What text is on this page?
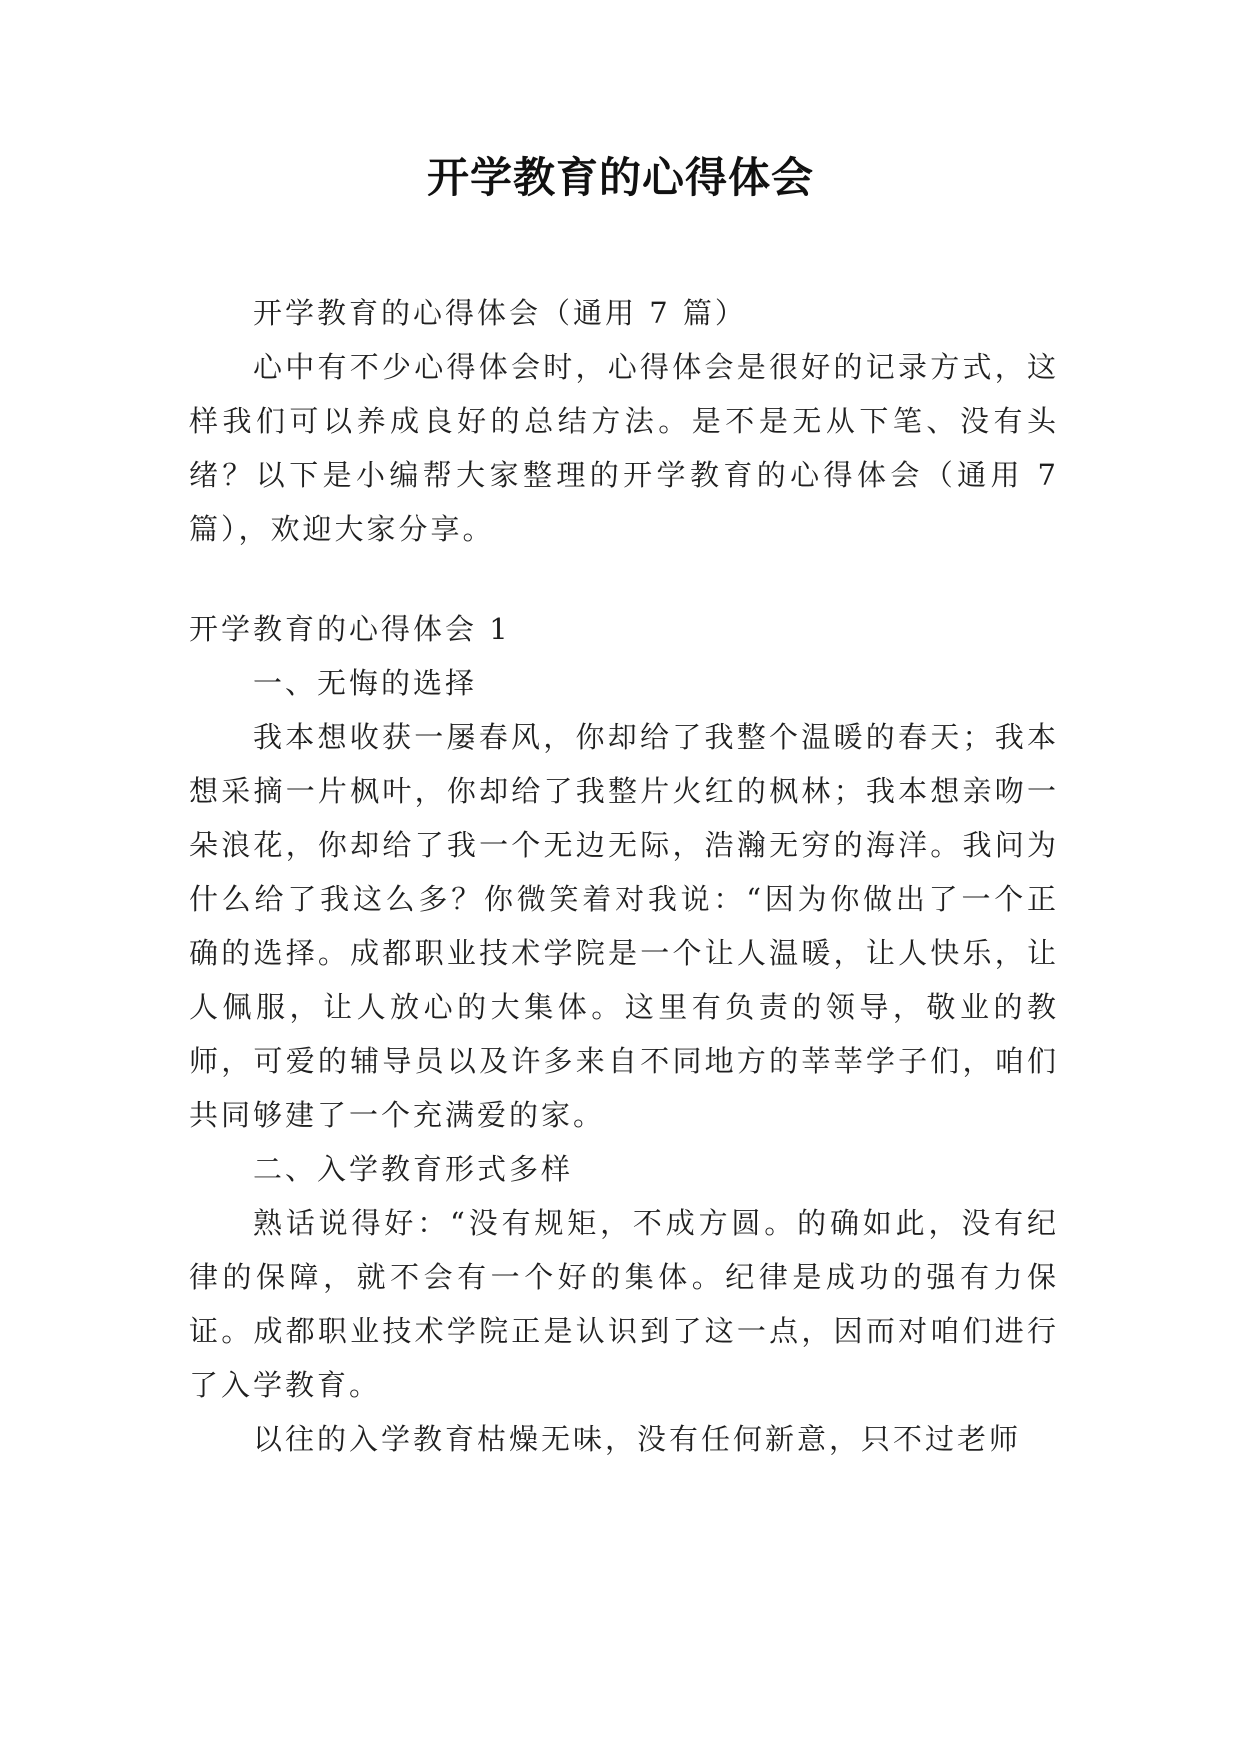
开学教育的心得体会

开学教育的心得体会（通用 7 篇）

心中有不少心得体会时，心得体会是很好的记录方式，这样我们可以养成良好的总结方法。是不是无从下笔、没有头绪？以下是小编帮大家整理的开学教育的心得体会（通用 7 篇），欢迎大家分享。

开学教育的心得体会 1

一、无悔的选择

我本想收获一屡春风，你却给了我整个温暖的春天；我本想采摘一片枫叶，你却给了我整片火红的枫林；我本想亲吻一朵浪花，你却给了我一个无边无际，浩瀚无穷的海洋。我问为什么给了我这么多？你微笑着对我说：“因为你做出了一个正确的选择。成都职业技术学院是一个让人温暖，让人快乐，让人佩服，让人放心的大集体。这里有负责的领导，敬业的教师，可爱的辅导员以及许多来自不同地方的莘莘学子们，咱们共同够建了一个充满爱的家。

二、入学教育形式多样

熟话说得好：“没有规矩，不成方圆。的确如此，没有纪律的保障，就不会有一个好的集体。纪律是成功的强有力保证。成都职业技术学院正是认识到了这一点，因而对咱们进行了入学教育。

以往的入学教育枯燥无味，没有任何新意，只不过老师
